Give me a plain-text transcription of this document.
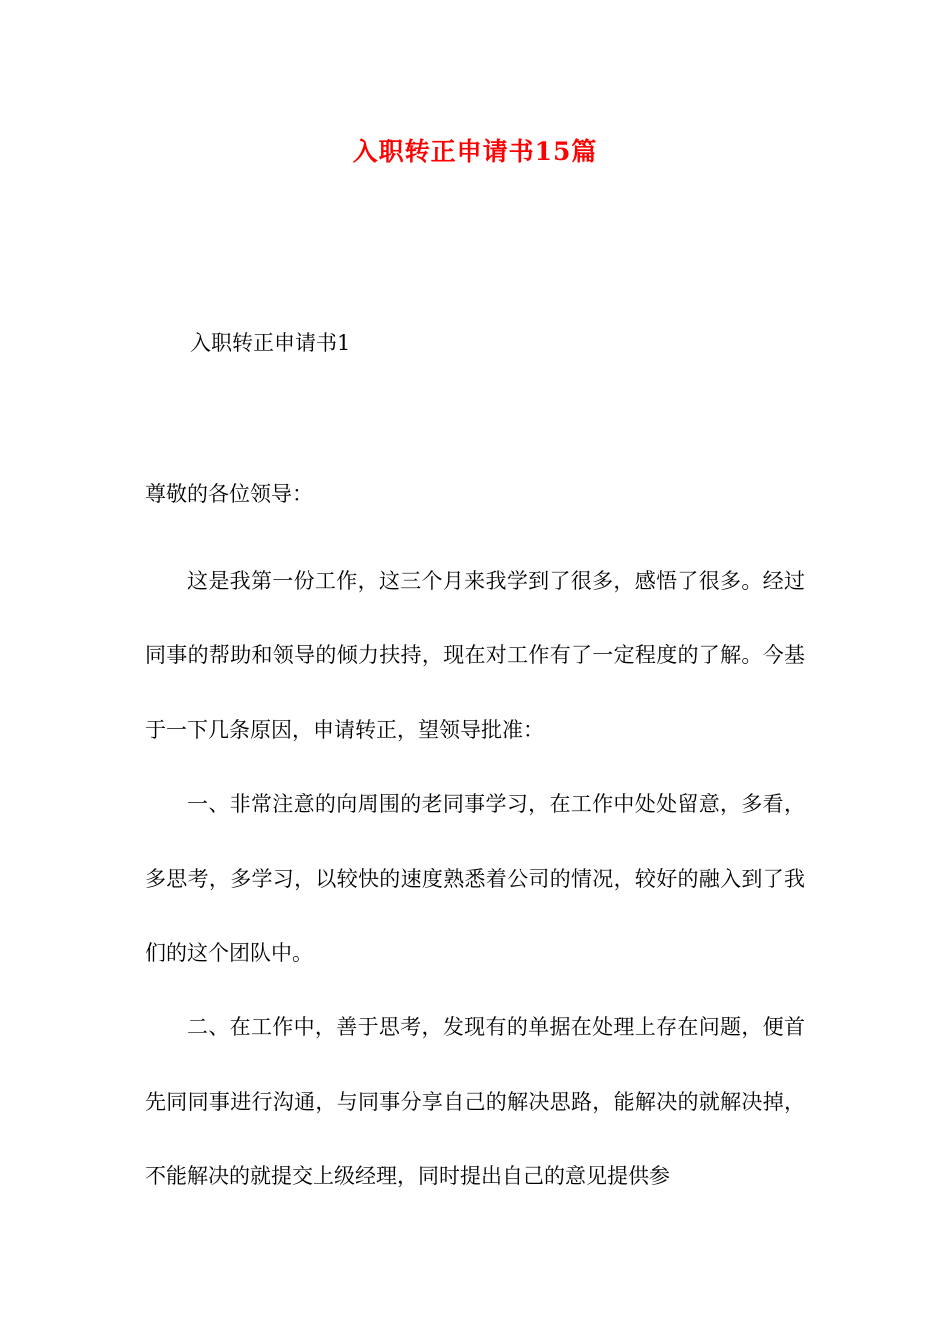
入职转正申请书15篇
入职转正申请书1
尊敬的各位领导：

这是我第一份工作，这三个月来我学到了很多，感悟了很多。经过同事的帮助和领导的倾力扶持，现在对工作有了一定程度的了解。今基于一下几条原因，申请转正，望领导批准：

一、非常注意的向周围的老同事学习，在工作中处处留意，多看，多思考，多学习，以较快的速度熟悉着公司的情况，较好的融入到了我们的这个团队中。

二、在工作中，善于思考，发现有的单据在处理上存在问题，便首先同同事进行沟通，与同事分享自己的解决思路，能解决的就解决掉，不能解决的就提交上级经理，同时提出自己的意见提供参
